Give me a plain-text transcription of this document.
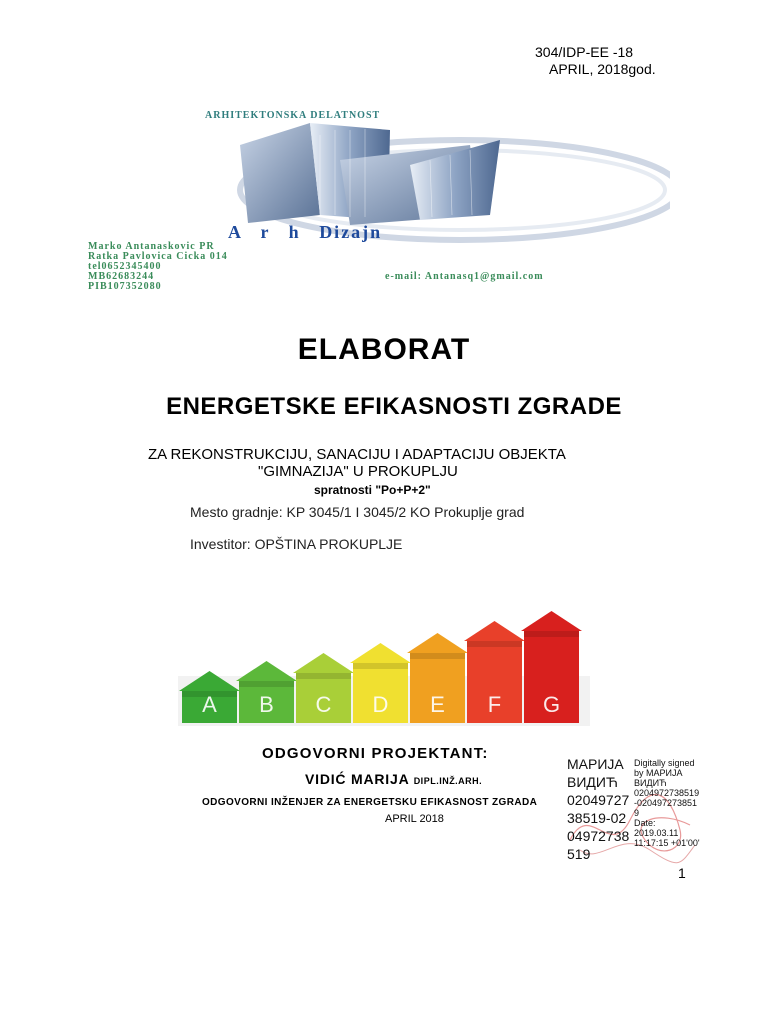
304/IDP-EE -18
APRIL, 2018god.
ARHITEKTONSKA DELATNOST
A r h Dizajn
Marko Antanaskovic PR
Ratka Pavlovica Cicka 014
tel0652345400
MB62683244
PIB107352080
e-mail: Antanasq1@gmail.com
ELABORAT
ENERGETSKE EFIKASNOSTI ZGRADE
ZA REKONSTRUKCIJU, SANACIJU I ADAPTACIJU OBJEKTA
"GIMNAZIJA" U PROKUPLJU
spratnosti "Po+P+2"
Mesto gradnje: KP 3045/1 I 3045/2 KO Prokuplje grad
Investitor: OPŠTINA PROKUPLJE
A B C D E F G
ODGOVORNI PROJEKTANT:
VIDIĆ MARIJA DIPL.INŽ.ARH.
ODGOVORNI INŽENJER ZA ENERGETSKU EFIKASNOST ZGRADA
APRIL 2018
МАРИЈА
ВИДИЋ
02049727
38519-02
04972738
519
Digitally signed
by МАРИЈА
ВИДИЋ
0204972738519
-020497273851
9
Date:
2019.03.11
11:17:15 +01'00'
1
